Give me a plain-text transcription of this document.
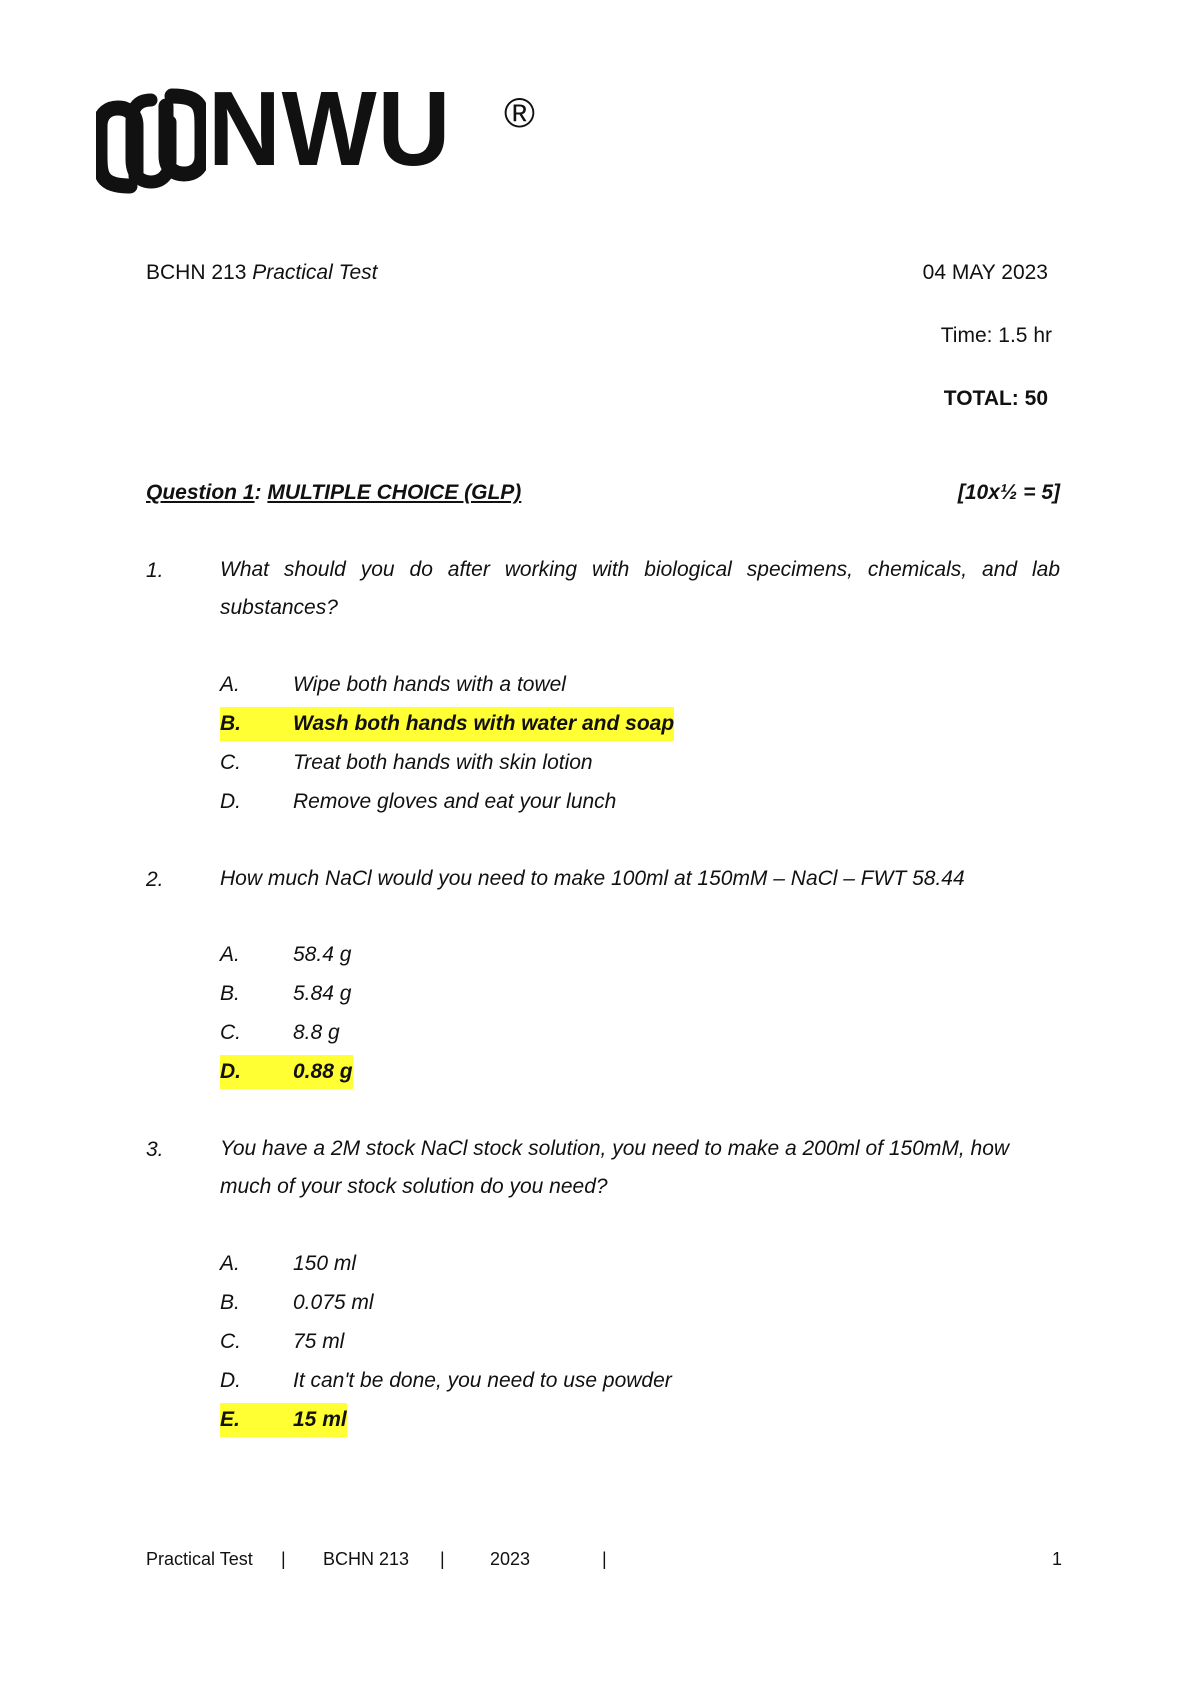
NWU ®
BCHN 213 Practical Test	04 MAY 2023
Time: 1.5 hr
TOTAL: 50
Question 1: MULTIPLE CHOICE (GLP)	[10x½ = 5]
1.	What should you do after working with biological specimens, chemicals, and lab substances?
A.	Wipe both hands with a towel
B. Wash both hands with water and soap
C. Treat both hands with skin lotion
D. Remove gloves and eat your lunch
2.	How much NaCl would you need to make 100ml at 150mM – NaCl – FWT 58.44
A.	58.4 g
B.	5.84 g
C. 8.8 g
D. 0.88 g
3.	You have a 2M stock NaCl stock solution, you need to make a 200ml of 150mM, how much of your stock solution do you need?
A.	150 ml
B.	0.075 ml
C. 75 ml
D. It can't be done, you need to use powder
E.	15 ml
Practical Test | BCHN 213 |	2023	|	1
